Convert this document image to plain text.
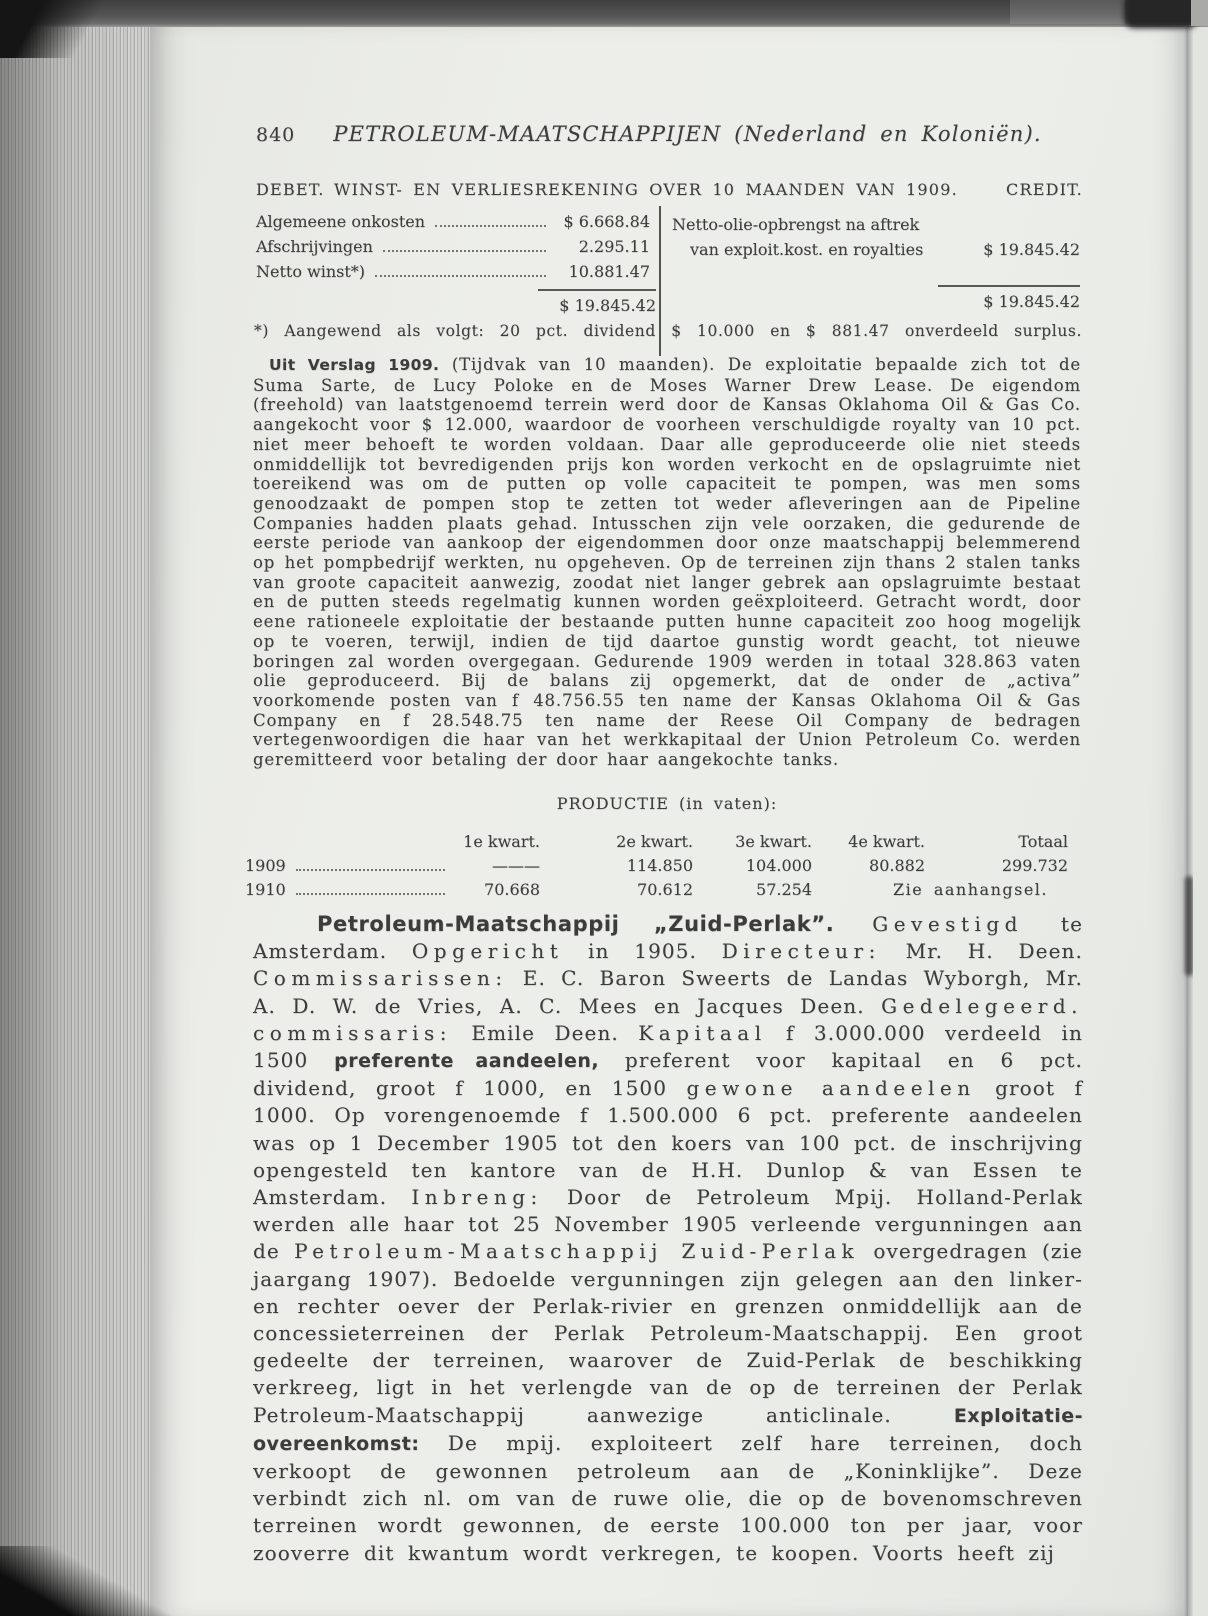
840 PETROLEUM-MAATSCHAPPIJEN (Nederland en Koloniën).
DEBET. WINST- EN VERLIESREKENING OVER 10 MAANDEN VAN 1909.	CREDIT.
Algemeene onkosten	$ 6.668.84
Afschrijvingen	2.295.11
Netto winst*)	10.881.47
Netto-olie-opbrengst na aftrek
van exploit.kost. en royalties	$ 19.845.42
$ 19.845.42	$ 19.845.42
*) Aangewend als volgt: 20 pct. dividend $ 10.000 en $ 881.47 onverdeeld surplus.
Uit Verslag 1909. (Tijdvak van 10 maanden). De exploitatie bepaalde zich tot de Suma Sarte, de Lucy Poloke en de Moses Warner Drew Lease. De eigendom (freehold) van laatstgenoemd terrein werd door de Kansas Oklahoma Oil & Gas Co. aangekocht voor $ 12.000, waardoor de voorheen verschuldigde royalty van 10 pct. niet meer behoeft te worden voldaan. Daar alle geproduceerde olie niet steeds onmiddellijk tot bevredigenden prijs kon worden verkocht en de opslagruimte niet toereikend was om de putten op volle capaciteit te pompen, was men soms genoodzaakt de pompen stop te zetten tot weder afleveringen aan de Pipeline Companies hadden plaats gehad. Intusschen zijn vele oorzaken, die gedurende de eerste periode van aankoop der eigendommen door onze maatschappij belemmerend op het pompbedrijf werkten, nu opgeheven. Op de terreinen zijn thans 2 stalen tanks van groote capaciteit aanwezig, zoodat niet langer gebrek aan opslagruimte bestaat en de putten steeds regelmatig kunnen worden geëxploiteerd. Getracht wordt, door eene rationeele exploitatie der bestaande putten hunne capaciteit zoo hoog mogelijk op te voeren, terwijl, indien de tijd daartoe gunstig wordt geacht, tot nieuwe boringen zal worden overgegaan. Gedurende 1909 werden in totaal 328.863 vaten olie geproduceerd. Bij de balans zij opgemerkt, dat de onder de „activa” voorkomende posten van f 48.756.55 ten name der Kansas Oklahoma Oil & Gas Company en f 28.548.75 ten name der Reese Oil Company de bedragen vertegenwoordigen die haar van het werkkapitaal der Union Petroleum Co. werden geremitteerd voor betaling der door haar aangekochte tanks.
PRODUCTIE (in vaten):
1e kwart.	2e kwart.	3e kwart.	4e kwart.	Totaal
1909	———	114.850	104.000	80.882	299.732
1910	70.668	70.612	57.254	Zie aanhangsel.
Petroleum-Maatschappij „Zuid-Perlak”. Gevestigd te Amsterdam. Opgericht in 1905. Directeur: Mr. H. Deen. Commissarissen: E. C. Baron Sweerts de Landas Wyborgh, Mr. A. D. W. de Vries, A. C. Mees en Jacques Deen. Gedelegeerd. commissaris: Emile Deen. Kapitaal f 3.000.000 verdeeld in 1500 preferente aandeelen, preferent voor kapitaal en 6 pct. dividend, groot f 1000, en 1500 gewone aandeelen groot f 1000. Op vorengenoemde f 1.500.000 6 pct. preferente aandeelen was op 1 December 1905 tot den koers van 100 pct. de inschrijving opengesteld ten kantore van de H.H. Dunlop & van Essen te Amsterdam. Inbreng: Door de Petroleum Mpij. Holland-Perlak werden alle haar tot 25 November 1905 verleende vergunningen aan de Petroleum-Maatschappij Zuid-Perlak overgedragen (zie jaargang 1907). Bedoelde vergunningen zijn gelegen aan den linker- en rechter oever der Perlak-rivier en grenzen onmiddellijk aan de concessieterreinen der Perlak Petroleum-Maatschappij. Een groot gedeelte der terreinen, waarover de Zuid-Perlak de beschikking verkreeg, ligt in het verlengde van de op de terreinen der Perlak Petroleum-Maatschappij aanwezige anticlinale. Exploitatie-overeenkomst: De mpij. exploiteert zelf hare terreinen, doch verkoopt de gewonnen petroleum aan de „Koninklijke”. Deze verbindt zich nl. om van de ruwe olie, die op de bovenomschreven terreinen wordt gewonnen, de eerste 100.000 ton per jaar, voor zooverre dit kwantum wordt verkregen, te koopen. Voorts heeft zij
